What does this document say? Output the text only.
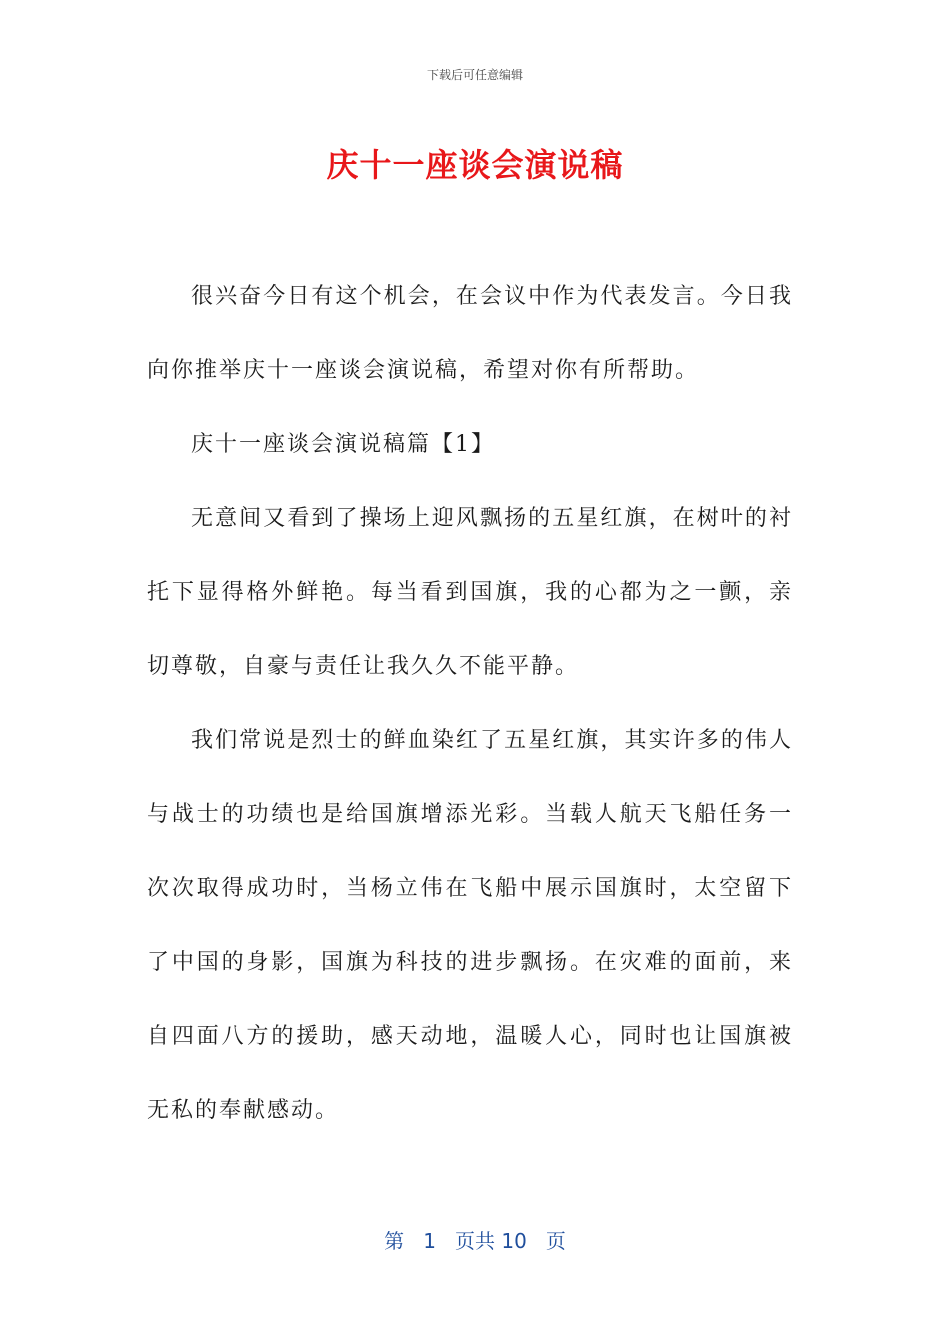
下载后可任意编辑
庆十一座谈会演说稿

很兴奋今日有这个机会，在会议中作为代表发言。今日我向你推举庆十一座谈会演说稿，希望对你有所帮助。

庆十一座谈会演说稿篇【1】

无意间又看到了操场上迎风飘扬的五星红旗，在树叶的衬托下显得格外鲜艳。每当看到国旗，我的心都为之一颤，亲切尊敬，自豪与责任让我久久不能平静。

我们常说是烈士的鲜血染红了五星红旗，其实许多的伟人与战士的功绩也是给国旗增添光彩。当载人航天飞船任务一次次取得成功时，当杨立伟在飞船中展示国旗时，太空留下了中国的身影，国旗为科技的进步飘扬。在灾难的面前，来自四面八方的援助，感天动地，温暖人心，同时也让国旗被无私的奉献感动。

第 1 页共 10 页
